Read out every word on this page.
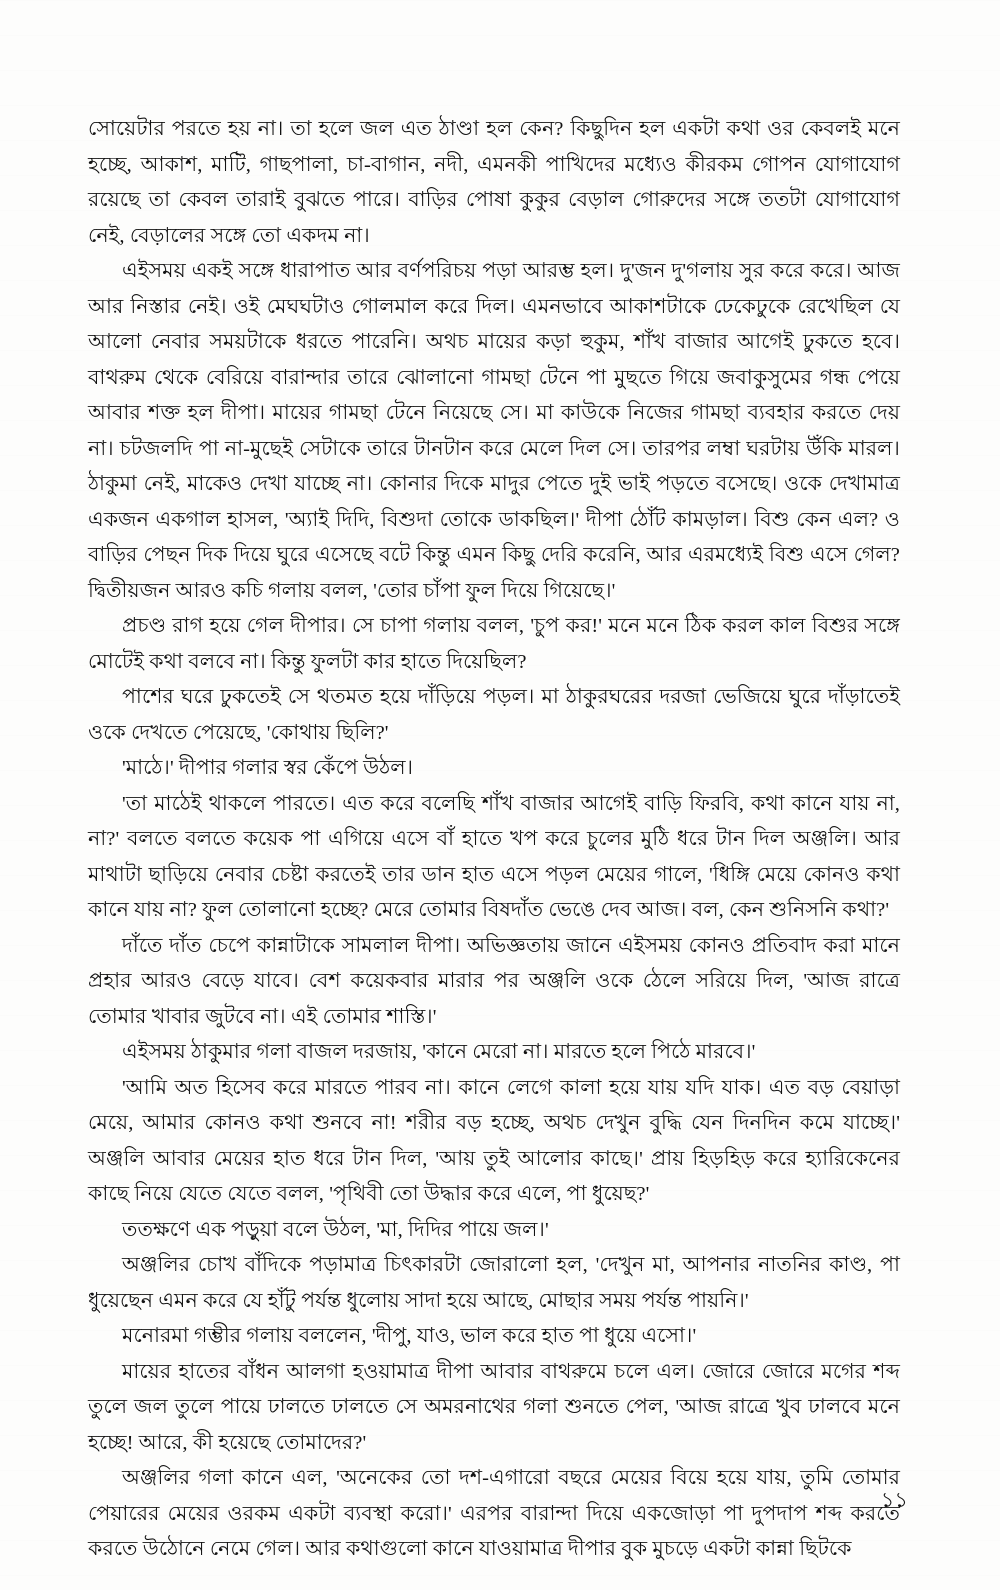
সোয়েটার পরতে হয় না। তা হলে জল এত ঠাণ্ডা হল কেন? কিছুদিন হল একটা কথা ওর কেবলই মনে হচ্ছে, আকাশ, মাটি, গাছপালা, চা-বাগান, নদী, এমনকী পাখিদের মধ্যেও কীরকম গোপন যোগাযোগ রয়েছে তা কেবল তারাই বুঝতে পারে। বাড়ির পোষা কুকুর বেড়াল গোরুদের সঙ্গে ততটা যোগাযোগ নেই, বেড়ালের সঙ্গে তো একদম না।

এইসময় একই সঙ্গে ধারাপাত আর বর্ণপরিচয় পড়া আরম্ভ হল। দু'জন দু'গলায় সুর করে করে। আজ আর নিস্তার নেই। ওই মেঘঘটাও গোলমাল করে দিল। এমনভাবে আকাশটাকে ঢেকেঢুকে রেখেছিল যে আলো নেবার সময়টাকে ধরতে পারেনি। অথচ মায়ের কড়া হুকুম, শাঁখ বাজার আগেই ঢুকতে হবে। বাথরুম থেকে বেরিয়ে বারান্দার তারে ঝোলানো গামছা টেনে পা মুছতে গিয়ে জবাকুসুমের গন্ধ পেয়ে আবার শক্ত হল দীপা। মায়ের গামছা টেনে নিয়েছে সে। মা কাউকে নিজের গামছা ব্যবহার করতে দেয় না। চটজলদি পা না-মুছেই সেটাকে তারে টানটান করে মেলে দিল সে। তারপর লম্বা ঘরটায় উঁকি মারল। ঠাকুমা নেই, মাকেও দেখা যাচ্ছে না। কোনার দিকে মাদুর পেতে দুই ভাই পড়তে বসেছে। ওকে দেখামাত্র একজন একগাল হাসল, 'অ্যাই দিদি, বিশুদা তোকে ডাকছিল।' দীপা ঠোঁট কামড়াল। বিশু কেন এল? ও বাড়ির পেছন দিক দিয়ে ঘুরে এসেছে বটে কিন্তু এমন কিছু দেরি করেনি, আর এরমধ্যেই বিশু এসে গেল? দ্বিতীয়জন আরও কচি গলায় বলল, 'তোর চাঁপা ফুল দিয়ে গিয়েছে।'

প্রচণ্ড রাগ হয়ে গেল দীপার। সে চাপা গলায় বলল, 'চুপ কর!' মনে মনে ঠিক করল কাল বিশুর সঙ্গে মোটেই কথা বলবে না। কিন্তু ফুলটা কার হাতে দিয়েছিল?

পাশের ঘরে ঢুকতেই সে থতমত হয়ে দাঁড়িয়ে পড়ল। মা ঠাকুরঘরের দরজা ভেজিয়ে ঘুরে দাঁড়াতেই ওকে দেখতে পেয়েছে, 'কোথায় ছিলি?'

'মাঠে।' দীপার গলার স্বর কেঁপে উঠল।

'তা মাঠেই থাকলে পারতে। এত করে বলেছি শাঁখ বাজার আগেই বাড়ি ফিরবি, কথা কানে যায় না, না?' বলতে বলতে কয়েক পা এগিয়ে এসে বাঁ হাতে খপ করে চুলের মুঠি ধরে টান দিল অঞ্জলি। আর মাথাটা ছাড়িয়ে নেবার চেষ্টা করতেই তার ডান হাত এসে পড়ল মেয়ের গালে, 'ধিঙ্গি মেয়ে কোনও কথা কানে যায় না? ফুল তোলানো হচ্ছে? মেরে তোমার বিষদাঁত ভেঙে দেব আজ। বল, কেন শুনিসনি কথা?'

দাঁতে দাঁত চেপে কান্নাটাকে সামলাল দীপা। অভিজ্ঞতায় জানে এইসময় কোনও প্রতিবাদ করা মানে প্রহার আরও বেড়ে যাবে। বেশ কয়েকবার মারার পর অঞ্জলি ওকে ঠেলে সরিয়ে দিল, 'আজ রাত্রে তোমার খাবার জুটবে না। এই তোমার শাস্তি।'

এইসময় ঠাকুমার গলা বাজল দরজায়, 'কানে মেরো না। মারতে হলে পিঠে মারবে।'

'আমি অত হিসেব করে মারতে পারব না। কানে লেগে কালা হয়ে যায় যদি যাক। এত বড় বেয়াড়া মেয়ে, আমার কোনও কথা শুনবে না! শরীর বড় হচ্ছে, অথচ দেখুন বুদ্ধি যেন দিনদিন কমে যাচ্ছে।' অঞ্জলি আবার মেয়ের হাত ধরে টান দিল, 'আয় তুই আলোর কাছে।' প্রায় হিড়হিড় করে হ্যারিকেনের কাছে নিয়ে যেতে যেতে বলল, 'পৃথিবী তো উদ্ধার করে এলে, পা ধুয়েছ?'

ততক্ষণে এক পড়ুয়া বলে উঠল, 'মা, দিদির পায়ে জল।'

অঞ্জলির চোখ বাঁদিকে পড়ামাত্র চিৎকারটা জোরালো হল, 'দেখুন মা, আপনার নাতনির কাণ্ড, পা ধুয়েছেন এমন করে যে হাঁটু পর্যন্ত ধুলোয় সাদা হয়ে আছে, মোছার সময় পর্যন্ত পায়নি।'

মনোরমা গম্ভীর গলায় বললেন, 'দীপু, যাও, ভাল করে হাত পা ধুয়ে এসো।'

মায়ের হাতের বাঁধন আলগা হওয়ামাত্র দীপা আবার বাথরুমে চলে এল। জোরে জোরে মগের শব্দ তুলে জল তুলে পায়ে ঢালতে ঢালতে সে অমরনাথের গলা শুনতে পেল, 'আজ রাত্রে খুব ঢালবে মনে হচ্ছে! আরে, কী হয়েছে তোমাদের?'

অঞ্জলির গলা কানে এল, 'অনেকের তো দশ-এগারো বছরে মেয়ের বিয়ে হয়ে যায়, তুমি তোমার পেয়ারের মেয়ের ওরকম একটা ব্যবস্থা করো।' এরপর বারান্দা দিয়ে একজোড়া পা দুপদাপ শব্দ করতে করতে উঠোনে নেমে গেল। আর কথাগুলো কানে যাওয়ামাত্র দীপার বুক মুচড়ে একটা কান্না ছিটকে

১১
